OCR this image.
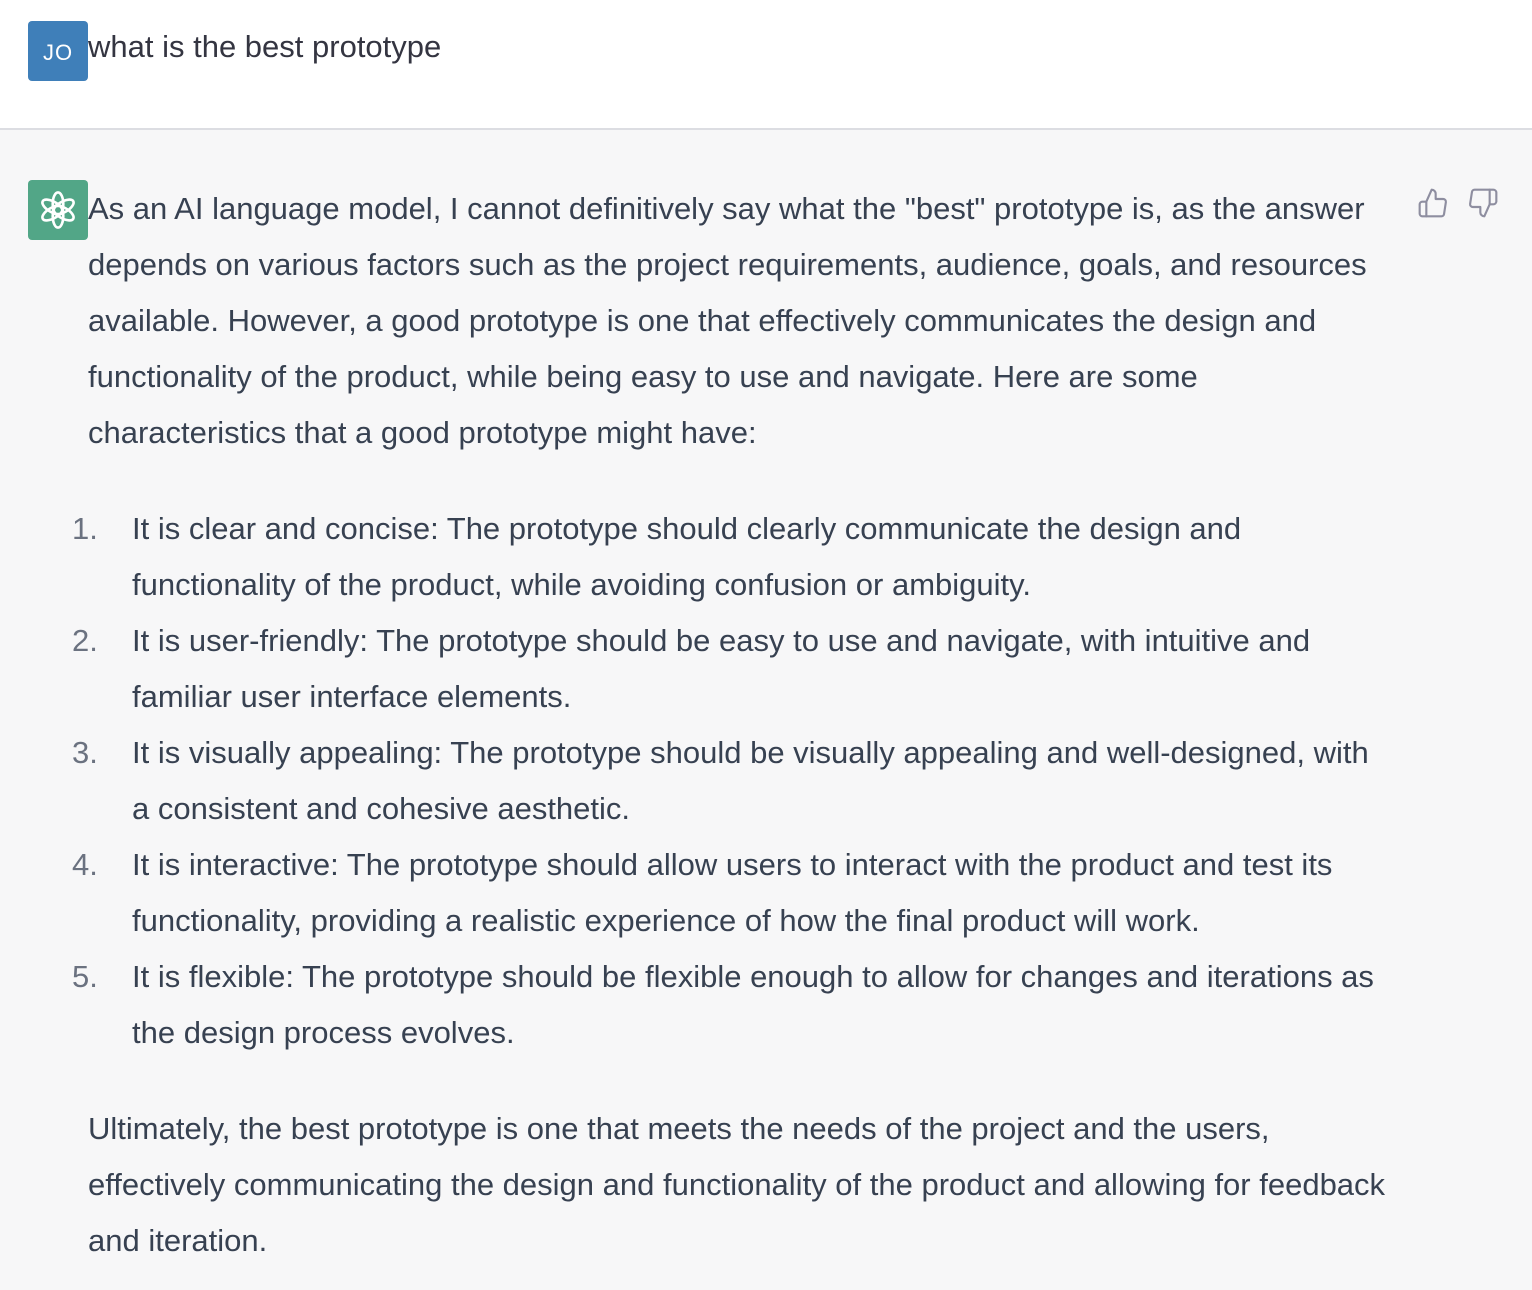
JO what is the best prototype

As an AI language model, I cannot definitively say what the "best" prototype is, as the answer depends on various factors such as the project requirements, audience, goals, and resources available. However, a good prototype is one that effectively communicates the design and functionality of the product, while being easy to use and navigate. Here are some characteristics that a good prototype might have:

1. It is clear and concise: The prototype should clearly communicate the design and functionality of the product, while avoiding confusion or ambiguity.
2. It is user-friendly: The prototype should be easy to use and navigate, with intuitive and familiar user interface elements.
3. It is visually appealing: The prototype should be visually appealing and well-designed, with a consistent and cohesive aesthetic.
4. It is interactive: The prototype should allow users to interact with the product and test its functionality, providing a realistic experience of how the final product will work.
5. It is flexible: The prototype should be flexible enough to allow for changes and iterations as the design process evolves.

Ultimately, the best prototype is one that meets the needs of the project and the users, effectively communicating the design and functionality of the product and allowing for feedback and iteration.
